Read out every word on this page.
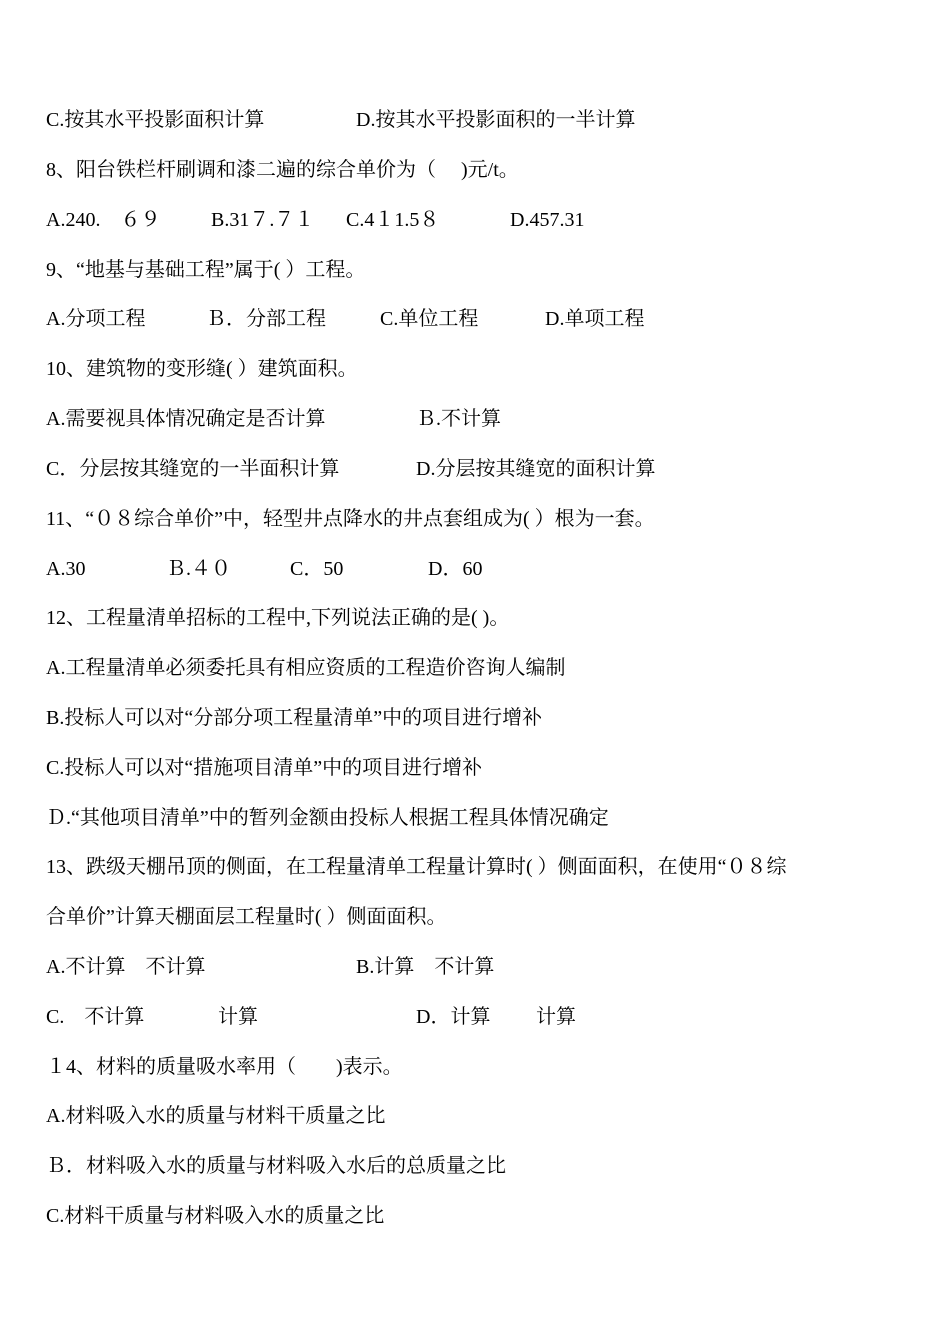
C.按其水平投影面积计算	D.按其水平投影面积的一半计算
8、阳台铁栏杆刷调和漆二遍的综合单价为（　 )元/t。
A.240.　６９	B.31７.７１ C.4１1.5８	D.457.31
9、“地基与基础工程”属于( ）工程。
A.分项工程	Ｂ．分部工程	C.单位工程	D.单项工程
10、建筑物的变形缝( ）建筑面积。
A.需要视具体情况确定是否计算	Ｂ.不计算
C．分层按其缝宽的一半面积计算	D.分层按其缝宽的面积计算
11、“０８综合单价”中，轻型井点降水的井点套组成为( ）根为一套。
A.30	Ｂ.４０	C．50	D．60
12、工程量清单招标的工程中,下列说法正确的是( )。
A.工程量清单必须委托具有相应资质的工程造价咨询人编制
B.投标人可以对“分部分项工程量清单”中的项目进行增补
C.投标人可以对“措施项目清单”中的项目进行增补
Ｄ.“其他项目清单”中的暂列金额由投标人根据工程具体情况确定
13、跌级天棚吊顶的侧面，在工程量清单工程量计算时( ）侧面面积，在使用“０８综
合单价”计算天棚面层工程量时( ）侧面面积。
A.不计算　不计算	B.计算　不计算
C.　不计算	计算	D．计算 计算
１4、材料的质量吸水率用（　　)表示。
A.材料吸入水的质量与材料干质量之比
Ｂ．材料吸入水的质量与材料吸入水后的总质量之比
C.材料干质量与材料吸入水的质量之比
